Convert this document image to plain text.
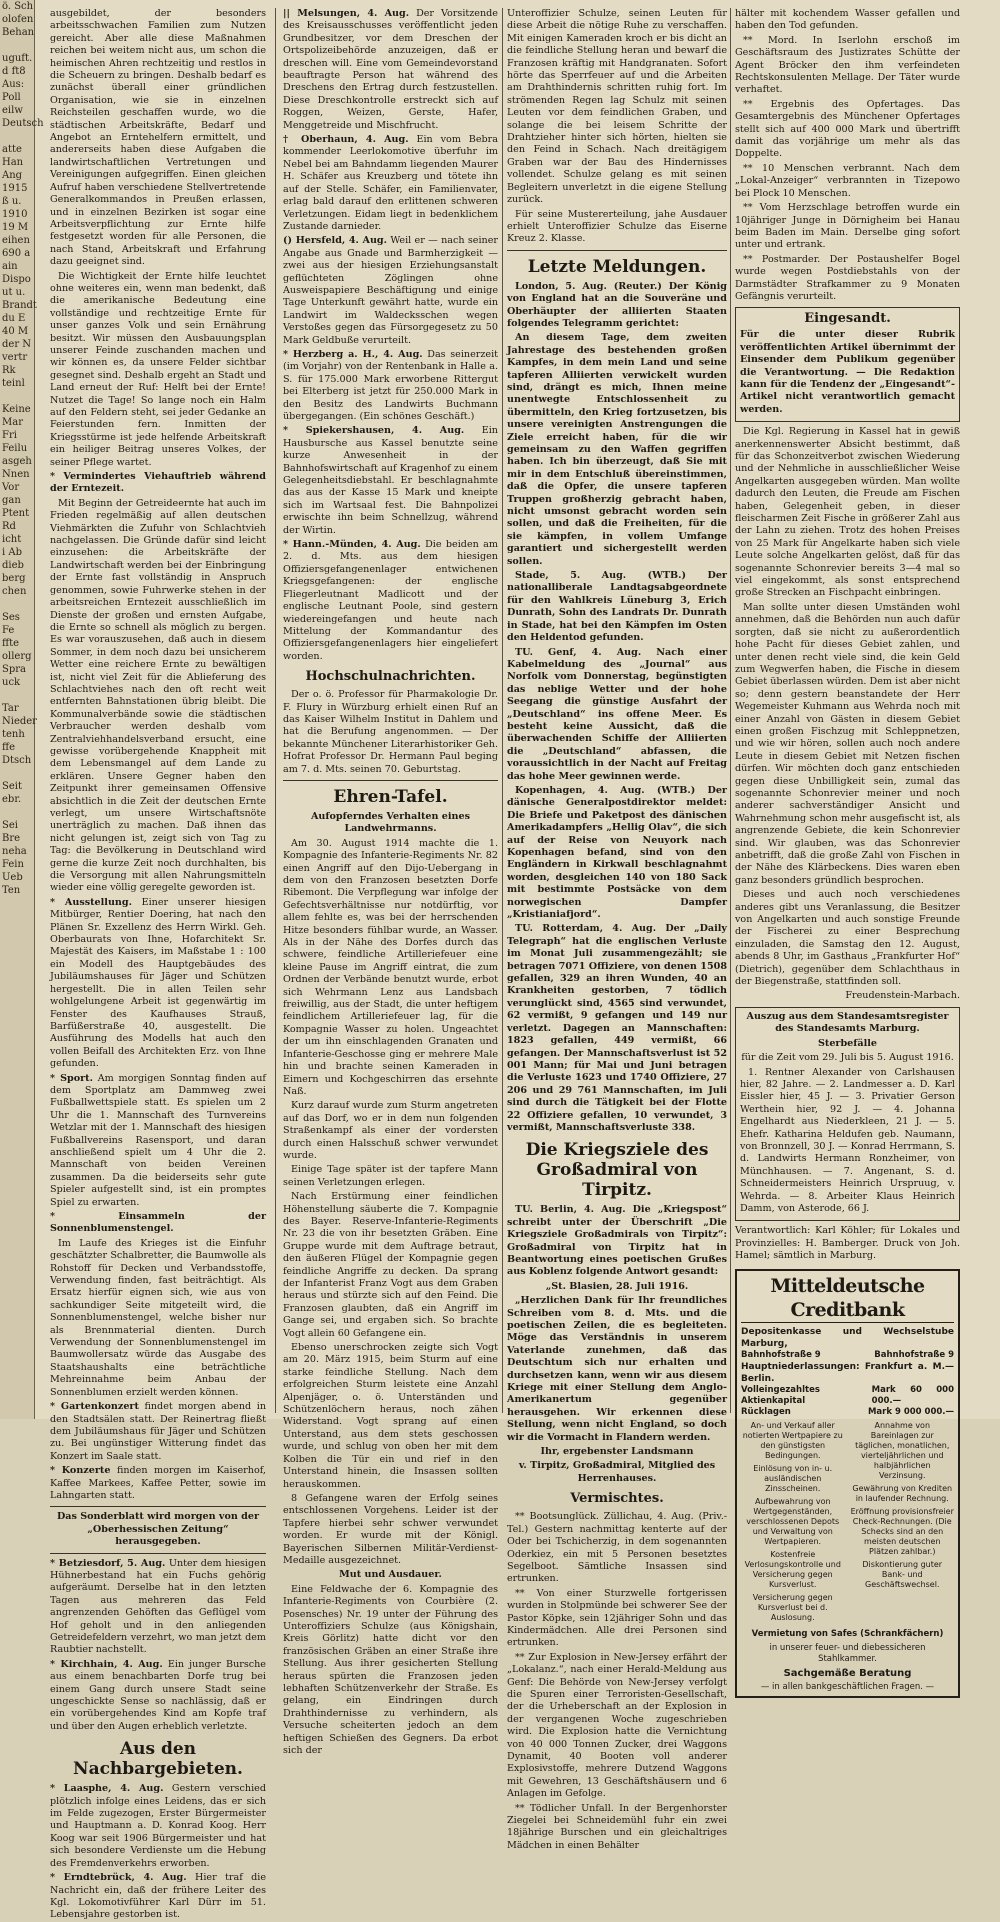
ö. Sch
olofen
Behan

uguft.
d ft8
Aus:
Poll
eilw
Deutsch

atte
Han
Ang
1915
ß u.
1910
19 M
eihen
690 a
ain
Dispo
ut u.
Brandt
du E
40 M
der N
vertr
Rk
teinl

Keine
Mar
Fri
Feilu
asgeh
Nnen
Vor
gan
Ptent
Rd
icht
i Ab
dieb
berg
chen

Ses
Fe
ffte
ollerg
Spra
uck

Tar
Nieder
tenh
ffe
Dtsch

Seit
ebr.

Sei
Bre
neha
Fein
Ueb
Ten

ausgebildet, der besonders arbeitsschwachen Familien zum Nutzen gereicht. Aber alle diese Maßnahmen reichen bei weitem nicht aus, um schon die heimischen Ahren rechtzeitig und restlos in die Scheuern zu bringen. Deshalb bedarf es zunächst überall einer gründlichen Organisation, wie sie in einzelnen Reichsteilen geschaffen wurde, wo die städtischen Arbeitskräfte, Bedarf und Angebot an Erntehelfern ermittelt, und andererseits haben diese Aufgaben die landwirtschaftlichen Vertretungen und Vereinigungen aufgegriffen. Einen gleichen Aufruf haben verschiedene Stellvertretende Generalkommandos in Preußen erlassen, und in einzelnen Bezirken ist sogar eine Arbeitsverpflichtung zur Ernte hilfe festgesetzt worden für alle Personen, die nach Stand, Arbeitskraft und Erfahrung dazu geeignet sind.

Die Wichtigkeit der Ernte hilfe leuchtet ohne weiteres ein, wenn man bedenkt, daß die amerikanische Bedeutung eine vollständige und rechtzeitige Ernte für unser ganzes Volk und sein Ernährung besitzt. Wir müssen den Ausbauungsplan unserer Feinde zuschanden machen und wir können es, da unsere Felder sichtbar gesegnet sind. Deshalb ergeht an Stadt und Land erneut der Ruf: Helft bei der Ernte! Nutzet die Tage! So lange noch ein Halm auf den Feldern steht, sei jeder Gedanke an Feierstunden fern. Inmitten der Kriegsstürme ist jede helfende Arbeitskraft ein heiliger Beitrag unseres Volkes, der seiner Pflege wartet.

* Vermindertes Viehauftrieb während der Erntezeit.

Mit Beginn der Getreideernte hat auch im Frieden regelmäßig auf allen deutschen Viehmärkten die Zufuhr von Schlachtvieh nachgelassen. Die Gründe dafür sind leicht einzusehen: die Arbeitskräfte der Landwirtschaft werden bei der Einbringung der Ernte fast vollständig in Anspruch genommen, sowie Fuhrwerke stehen in der arbeitsreichen Erntezeit ausschließlich im Dienste der großen und ernsten Aufgabe, die Ernte so schnell als möglich zu bergen. Es war vorauszusehen, daß auch in diesem Sommer, in dem noch dazu bei unsicherem Wetter eine reichere Ernte zu bewältigen ist, nicht viel Zeit für die Ablieferung des Schlachtviehes nach den oft recht weit entfernten Bahnstationen übrig bleibt. Die Kommunalverbände sowie die städtischen Verbraucher werden deshalb vom Zentralviehhandelsverband ersucht, eine gewisse vorübergehende Knappheit mit dem Lebensmangel auf dem Lande zu erklären. Unsere Gegner haben den Zeitpunkt ihrer gemeinsamen Offensive absichtlich in die Zeit der deutschen Ernte verlegt, um unsere Wirtschaftsnöte unerträglich zu machen. Daß ihnen das nicht gelungen ist, zeigt sich von Tag zu Tag: die Bevölkerung in Deutschland wird gerne die kurze Zeit noch durchhalten, bis die Versorgung mit allen Nahrungsmitteln wieder eine völlig geregelte geworden ist.

* Ausstellung. Einer unserer hiesigen Mitbürger, Rentier Doering, hat nach den Plänen Sr. Exzellenz des Herrn Wirkl. Geh. Oberbaurats von Ihne, Hofarchitekt Sr. Majestät des Kaisers, im Maßstabe 1 : 100 ein Modell des Hauptgebäudes des Jubiläumshauses für Jäger und Schützen hergestellt. Die in allen Teilen sehr wohlgelungene Arbeit ist gegenwärtig im Fenster des Kaufhauses Strauß, Barfüßerstraße 40, ausgestellt. Die Ausführung des Modells hat auch den vollen Beifall des Architekten Erz. von Ihne gefunden.

* Sport. Am morgigen Sonntag finden auf dem Sportplatz am Dammweg zwei Fußballwettspiele statt. Es spielen um 2 Uhr die 1. Mannschaft des Turnvereins Wetzlar mit der 1. Mannschaft des hiesigen Fußballvereins Rasensport, und daran anschließend spielt um 4 Uhr die 2. Mannschaft von beiden Vereinen zusammen. Da die beiderseits sehr gute Spieler aufgestellt sind, ist ein promptes Spiel zu erwarten.

* Einsammeln der Sonnenblumenstengel.

Im Laufe des Krieges ist die Einfuhr geschätzter Schalbretter, die Baumwolle als Rohstoff für Decken und Verbandsstoffe, Verwendung finden, fast beiträchtigt. Als Ersatz hierfür eignen sich, wie aus von sachkundiger Seite mitgeteilt wird, die Sonnenblumenstengel, welche bisher nur als Brennmaterial dienten. Durch Verwendung der Sonnenblumenstengel im Baumwollersatz würde das Ausgabe des Staatshaushalts eine beträchtliche Mehreinnahme beim Anbau der Sonnenblumen erzielt werden können.

* Gartenkonzert findet morgen abend in den Stadtsälen statt. Der Reinertrag fließt dem Jubiläumshaus für Jäger und Schützen zu. Bei ungünstiger Witterung findet das Konzert im Saale statt.

* Konzerte finden morgen im Kaiserhof, Kaffee Markees, Kaffee Petter, sowie im Lahngarten statt.

Das Sonderblatt wird morgen von der „Oberhessischen Zeitung“ herausgegeben.

* Betziesdorf, 5. Aug. Unter dem hiesigen Hühnerbestand hat ein Fuchs gehörig aufgeräumt. Derselbe hat in den letzten Tagen aus mehreren das Feld angrenzenden Gehöften das Geflügel vom Hof geholt und in den anliegenden Getreidefeldern verzehrt, wo man jetzt dem Raubtier nachstellt.

* Kirchhain, 4. Aug. Ein junger Bursche aus einem benachbarten Dorfe trug bei einem Gang durch unsere Stadt seine ungeschickte Sense so nachlässig, daß er ein vorübergehendes Kind am Kopfe traf und über den Augen erheblich verletzte.

Aus den Nachbargebieten.

* Laasphe, 4. Aug. Gestern verschied plötzlich infolge eines Leidens, das er sich im Felde zugezogen, Erster Bürgermeister und Hauptmann a. D. Konrad Koog. Herr Koog war seit 1906 Bürgermeister und hat sich besondere Verdienste um die Hebung des Fremdenverkehrs erworben.

* Erndtebrück, 4. Aug. Hier traf die Nachricht ein, daß der frühere Leiter des Kgl. Lokomotivführer Karl Dürr im 51. Lebensjahre gestorben ist.

|| Melsungen, 4. Aug. Der Vorsitzende des Kreisausschusses veröffentlicht jeden Grundbesitzer, vor dem Dreschen der Ortspolizeibehörde anzuzeigen, daß er dreschen will. Eine vom Gemeindevorstand beauftragte Person hat während des Dreschens den Ertrag durch festzustellen. Diese Dreschkontrolle erstreckt sich auf Roggen, Weizen, Gerste, Hafer, Menggetreide und Mischfrucht.

† Oberhaun, 4. Aug. Ein vom Bebra kommender Leerlokomotive überfuhr im Nebel bei am Bahndamm liegenden Maurer H. Schäfer aus Kreuzberg und tötete ihn auf der Stelle. Schäfer, ein Familienvater, erlag bald darauf den erlittenen schweren Verletzungen. Eidam liegt in bedenklichem Zustande darnieder.

() Hersfeld, 4. Aug. Weil er — nach seiner Angabe aus Gnade und Barmherzigkeit — zwei aus der hiesigen Erziehungsanstalt geflüchteten Zöglingen ohne Ausweispapiere Beschäftigung und einige Tage Unterkunft gewährt hatte, wurde ein Landwirt im Waldecksschen wegen Verstoßes gegen das Fürsorgegesetz zu 50 Mark Geldbuße verurteilt.

* Herzberg a. H., 4. Aug. Das seinerzeit (im Vorjahr) von der Rentenbank in Halle a. S. für 175.000 Mark erworbene Rittergut bei Elterberg ist jetzt für 250.000 Mark in den Besitz des Landwirts Buchmann übergegangen. (Ein schönes Geschäft.)

* Spiekershausen, 4. Aug. Ein Hausbursche aus Kassel benutzte seine kurze Anwesenheit in der Bahnhofswirtschaft auf Kragenhof zu einem Gelegenheitsdiebstahl. Er beschlagnahmte das aus der Kasse 15 Mark und kneipte sich im Wartsaal fest. Die Bahnpolizei erwischte ihn beim Schnellzug, während der Wirtin.

* Hann.-Münden, 4. Aug. Die beiden am 2. d. Mts. aus dem hiesigen Offiziersgefangenenlager entwichenen Kriegsgefangenen: der englische Fliegerleutnant Madlicott und der englische Leutnant Poole, sind gestern wiedereingefangen und heute nach Mittelung der Kommandantur des Offiziersgefangenenlagers hier eingeliefert worden.

Hochschulnachrichten.

Der o. ö. Professor für Pharmakologie Dr. F. Flury in Würzburg erhielt einen Ruf an das Kaiser Wilhelm Institut in Dahlem und hat die Berufung angenommen. — Der bekannte Münchener Literarhistoriker Geh. Hofrat Professor Dr. Hermann Paul beging am 7. d. Mts. seinen 70. Geburtstag.

Ehren-Tafel.

Aufopferndes Verhalten eines Landwehrmanns.

Am 30. August 1914 machte die 1. Kompagnie des Infanterie-Regiments Nr. 82 einen Angriff auf den Dijo-Uebergang in dem von den Franzosen besetzten Dorfe Ribemont. Die Verpflegung war infolge der Gefechtsverhältnisse nur notdürftig, vor allem fehlte es, was bei der herrschenden Hitze besonders fühlbar wurde, an Wasser. Als in der Nähe des Dorfes durch das schwere, feindliche Artilleriefeuer eine kleine Pause im Angriff eintrat, die zum Ordnen der Verbände benutzt wurde, erbot sich Wehrmann Lenz aus Landsbach freiwillig, aus der Stadt, die unter heftigem feindlichem Artilleriefeuer lag, für die Kompagnie Wasser zu holen. Ungeachtet der um ihn einschlagenden Granaten und Infanterie-Geschosse ging er mehrere Male hin und brachte seinen Kameraden in Eimern und Kochgeschirren das ersehnte Naß.

Kurz darauf wurde zum Sturm angetreten auf das Dorf, wo er in dem nun folgenden Straßenkampf als einer der vordersten durch einen Halsschuß schwer verwundet wurde.

Einige Tage später ist der tapfere Mann seinen Verletzungen erlegen.

Nach Erstürmung einer feindlichen Höhenstellung säuberte die 7. Kompagnie des Bayer. Reserve-Infanterie-Regiments Nr. 23 die von ihr besetzten Gräben. Eine Gruppe wurde mit dem Auftrage betraut, den äußeren Flügel der Kompagnie gegen feindliche Angriffe zu decken. Da sprang der Infanterist Franz Vogt aus dem Graben heraus und stürzte sich auf den Feind. Die Franzosen glaubten, daß ein Angriff im Gange sei, und ergaben sich. So brachte Vogt allein 60 Gefangene ein.

Ebenso unerschrocken zeigte sich Vogt am 20. März 1915, beim Sturm auf eine starke feindliche Stellung. Nach dem erfolgreichen Sturm leistete eine Anzahl Alpenjäger, o. ö. Unterständen und Schützenlöchern heraus, noch zähen Widerstand. Vogt sprang auf einen Unterstand, aus dem stets geschossen wurde, und schlug von oben her mit dem Kolben die Tür ein und rief in den Unterstand hinein, die Insassen sollten herauskommen.

8 Gefangene waren der Erfolg seines entschlossenen Vorgehens. Leider ist der Tapfere hierbei sehr schwer verwundet worden. Er wurde mit der Königl. Bayerischen Silbernen Militär-Verdienst-Medaille ausgezeichnet.

Mut und Ausdauer.

Eine Feldwache der 6. Kompagnie des Infanterie-Regiments von Courbière (2. Posensches) Nr. 19 unter der Führung des Unteroffiziers Schulze (aus Königshain, Kreis Görlitz) hatte dicht vor den französischen Gräben an einer Straße ihre Stellung. Aus ihrer gesicherten Stellung heraus spürten die Franzosen jeden lebhaften Schützenverkehr der Straße. Es gelang, ein Eindringen durch Drahthindernisse zu verhindern, als Versuche scheiterten jedoch an dem heftigen Schießen des Gegners. Da erbot sich der

Unteroffizier Schulze, seinen Leuten für diese Arbeit die nötige Ruhe zu verschaffen. Mit einigen Kameraden kroch er bis dicht an die feindliche Stellung heran und bewarf die Franzosen kräftig mit Handgranaten. Sofort hörte das Sperrfeuer auf und die Arbeiten am Drahthindernis schritten ruhig fort. Im strömenden Regen lag Schulz mit seinen Leuten vor dem feindlichen Graben, und solange die bei leisem Schritte der Drahtzieher hinter sich hörten, hielten sie den Feind in Schach. Nach dreitägigem Graben war der Bau des Hindernisses vollendet. Schulze gelang es mit seinen Begleitern unverletzt in die eigene Stellung zurück.

Für seine Mustererteilung, jahe Ausdauer erhielt Unteroffizier Schulze das Eiserne Kreuz 2. Klasse.

Letzte Meldungen.

London, 5. Aug. (Reuter.) Der König von England hat an die Souveräne und Oberhäupter der alliierten Staaten folgendes Telegramm gerichtet:

An diesem Tage, dem zweiten Jahrestage des bestehenden großen Kampfes, in dem mein Land und seine tapferen Alliierten verwickelt wurden sind, drängt es mich, Ihnen meine unentwegte Entschlossenheit zu übermitteln, den Krieg fortzusetzen, bis unsere vereinigten Anstrengungen die Ziele erreicht haben, für die wir gemeinsam zu den Waffen gegriffen haben. Ich bin überzeugt, daß Sie mit mir in dem Entschluß übereinstimmen, daß die Opfer, die unsere tapferen Truppen großherzig gebracht haben, nicht umsonst gebracht worden sein sollen, und daß die Freiheiten, für die sie kämpfen, in vollem Umfange garantiert und sichergestellt werden sollen.

Stade, 5. Aug. (WTB.) Der nationalliberale Landtagsabgeordnete für den Wahlkreis Lüneburg 3, Erich Dunrath, Sohn des Landrats Dr. Dunrath in Stade, hat bei den Kämpfen im Osten den Heldentod gefunden.

TU. Genf, 4. Aug. Nach einer Kabelmeldung des „Journal“ aus Norfolk vom Donnerstag, begünstigten das neblige Wetter und der hohe Seegang die günstige Ausfahrt der „Deutschland“ ins offene Meer. Es besteht keine Aussicht, daß die überwachenden Schiffe der Alliierten die „Deutschland“ abfassen, die voraussichtlich in der Nacht auf Freitag das hohe Meer gewinnen werde.

Kopenhagen, 4. Aug. (WTB.) Der dänische Generalpostdirektor meldet: Die Briefe und Paketpost des dänischen Amerikadampfers „Hellig Olav“, die sich auf der Reise von Neuyork nach Kopenhagen befand, sind von den Engländern in Kirkwall beschlagnahmt worden, desgleichen 140 von 180 Sack mit bestimmte Postsäcke von dem norwegischen Dampfer „Kristianiafjord“.

TU. Rotterdam, 4. Aug. Der „Daily Telegraph“ hat die englischen Verluste im Monat Juli zusammengezählt; sie betragen 7071 Offiziere, von denen 1508 gefallen, 329 an ihren Wunden, 40 an Krankheiten gestorben, 7 tödlich verunglückt sind, 4565 sind verwundet, 62 vermißt, 9 gefangen und 149 nur verletzt. Dagegen an Mannschaften: 1823 gefallen, 449 vermißt, 66 gefangen. Der Mannschaftsverlust ist 52 001 Mann; für Mai und Juni betragen die Verluste 1623 und 1740 Offiziere, 27 206 und 29 761 Mannschaften, im Juli sind durch die Tätigkeit bei der Flotte 22 Offiziere gefallen, 10 verwundet, 3 vermißt, Mannschaftsverluste 338.

Die Kriegsziele des Großadmiral von Tirpitz.

TU. Berlin, 4. Aug. Die „Kriegspost“ schreibt unter der Überschrift „Die Kriegsziele Großadmirals von Tirpitz“: Großadmiral von Tirpitz hat in Beantwortung eines poetischen Grußes aus Koblenz folgende Antwort gesandt:

„St. Blasien, 28. Juli 1916.

„Herzlichen Dank für Ihr freundliches Schreiben vom 8. d. Mts. und die poetischen Zeilen, die es begleiteten. Möge das Verständnis in unserem Vaterlande zunehmen, daß das Deutschtum sich nur erhalten und durchsetzen kann, wenn wir aus diesem Kriege mit einer Stellung dem Anglo-Amerikanertum gegenüber herausgehen. Wir erkennen diese Stellung, wenn nicht England, so doch wir die Vormacht in Flandern werden.

Ihr, ergebenster Landsmann

v. Tirpitz, Großadmiral, Mitglied des Herrenhauses.

Vermischtes.

** Bootsunglück. Züllichau, 4. Aug. (Priv.-Tel.) Gestern nachmittag kenterte auf der Oder bei Tschicherzig, in dem sogenannten Oderkiez, ein mit 5 Personen besetztes Segelboot. Sämtliche Insassen sind ertrunken.

** Von einer Sturzwelle fortgerissen wurden in Stolpmünde bei schwerer See der Pastor Köpke, sein 12jähriger Sohn und das Kindermädchen. Alle drei Personen sind ertrunken.

** Zur Explosion in New-Jersey erfährt der „Lokalanz.“, nach einer Herald-Meldung aus Genf: Die Behörde von New-Jersey verfolgt die Spuren einer Terroristen-Gesellschaft, der die Urheberschaft an der Explosion in der vergangenen Woche zugeschrieben wird. Die Explosion hatte die Vernichtung von 40 000 Tonnen Zucker, drei Waggons Dynamit, 40 Booten voll anderer Explosivstoffe, mehrere Dutzend Waggons mit Gewehren, 13 Geschäftshäusern und 6 Anlagen im Gefolge.

** Tödlicher Unfall. In der Bergenhorster Ziegelei bei Schneidemühl fuhr ein zwei 18jährige Burschen und ein gleichaltriges Mädchen in einen Behälter

hälter mit kochendem Wasser gefallen und haben den Tod gefunden.

** Mord. In Iserlohn erschoß im Geschäftsraum des Justizrates Schütte der Agent Bröcker den ihm verfeindeten Rechtskonsulenten Mellage. Der Täter wurde verhaftet.

** Ergebnis des Opfertages. Das Gesamtergebnis des Münchener Opfertages stellt sich auf 400 000 Mark und übertrifft damit das vorjährige um mehr als das Doppelte.

** 10 Menschen verbrannt. Nach dem „Lokal-Anzeiger“ verbrannten in Tizepowo bei Plock 10 Menschen.

** Vom Herzschlage betroffen wurde ein 10jähriger Junge in Dörnigheim bei Hanau beim Baden im Main. Derselbe ging sofort unter und ertrank.

** Postmarder. Der Postaushelfer Bogel wurde wegen Postdiebstahls von der Darmstädter Strafkammer zu 9 Monaten Gefängnis verurteilt.

Eingesandt.

Für die unter dieser Rubrik veröffentlichten Artikel übernimmt der Einsender dem Publikum gegenüber die Verantwortung. — Die Redaktion kann für die Tendenz der „Eingesandt“-Artikel nicht verantwortlich gemacht werden.

Die Kgl. Regierung in Kassel hat in gewiß anerkennenswerter Absicht bestimmt, daß für das Schonzeitverbot zwischen Wiederung und der Nehmliche in ausschließlicher Weise Angelkarten ausgegeben würden. Man wollte dadurch den Leuten, die Freude am Fischen haben, Gelegenheit geben, in dieser fleischarmen Zeit Fische in größerer Zahl aus der Lahn zu ziehen. Trotz des hohen Preises von 25 Mark für Angelkarte haben sich viele Leute solche Angelkarten gelöst, daß für das sogenannte Schonrevier bereits 3—4 mal so viel eingekommt, als sonst entsprechend große Strecken an Fischpacht einbringen.

Man sollte unter diesen Umständen wohl annehmen, daß die Behörden nun auch dafür sorgten, daß sie nicht zu außerordentlich hohe Pacht für dieses Gebiet zahlen, und unter denen recht viele sind, die kein Geld zum Wegwerfen haben, die Fische in diesem Gebiet überlassen würden. Dem ist aber nicht so; denn gestern beanstandete der Herr Wegemeister Kuhmann aus Wehrda noch mit einer Anzahl von Gästen in diesem Gebiet einen großen Fischzug mit Schleppnetzen, und wie wir hören, sollen auch noch andere Leute in diesem Gebiet mit Netzen fischen dürfen. Wir möchten doch ganz entschieden gegen diese Unbilligkeit sein, zumal das sogenannte Schonrevier meiner und noch anderer sachverständiger Ansicht und Wahrnehmung schon mehr ausgefischt ist, als angrenzende Gebiete, die kein Schonrevier sind. Wir glauben, was das Schonrevier anbetrifft, daß die große Zahl von Fischen in der Nähe des Klärbeckens. Dies waren eben ganz besonders gründlich besprochen.

Dieses und auch noch verschiedenes anderes gibt uns Veranlassung, die Besitzer von Angelkarten und auch sonstige Freunde der Fischerei zu einer Besprechung einzuladen, die Samstag den 12. August, abends 8 Uhr, im Gasthaus „Frankfurter Hof“ (Dietrich), gegenüber dem Schlachthaus in der Biegenstraße, stattfinden soll.

Freudenstein-Marbach.

Auszug aus dem Standesamtsregister des Standesamts Marburg.

Sterbefälle

für die Zeit vom 29. Juli bis 5. August 1916.

1. Rentner Alexander von Carlshausen hier, 82 Jahre. — 2. Landmesser a. D. Karl Eissler hier, 45 J. — 3. Privatier Gerson Werthein hier, 92 J. — 4. Johanna Engelhardt aus Niederkleen, 21 J. — 5. Ehefr. Katharina Heldufen geb. Naumann, von Bronnzell, 30 J. — Konrad Herrmann, S. d. Landwirts Hermann Ronzheimer, von Münchhausen. — 7. Angenant, S. d. Schneidermeisters Heinrich Urspruug, v. Wehrda. — 8. Arbeiter Klaus Heinrich Damm, von Asterode, 66 J.

Verantwortlich: Karl Köhler; für Lokales und Provinzielles: H. Bamberger. Druck von Joh. Hamel; sämtlich in Marburg.

Mitteldeutsche Creditbank
Depositenkasse und Wechselstube Marburg,
Bahnhofstraße 9	Bahnhofstraße 9
Hauptniederlassungen: Frankfurt a. M.—Berlin.
Volleingezahltes Aktienkapital
Mark 60 000 000.—
Rücklagen	Mark 9 000 000.—

An- und Verkauf aller notierten Wertpapiere zu den günstigsten Bedingungen.

Einlösung von in- u. ausländischen Zinsscheinen.

Aufbewahrung von Wertgegenständen, verschlossenen Depots und Verwaltung von Wertpapieren.

Kostenfreie Verlosungskontrolle und Versicherung gegen Kursverlust.

Versicherung gegen Kursverlust bei d. Auslosung.

Annahme von Bareinlagen zur täglichen, monatlichen, vierteljährlichen und halbjährlichen Verzinsung.

Gewährung von Krediten in laufender Rechnung.

Eröffnung provisionsfreier Check-Rechnungen. (Die Schecks sind an den meisten deutschen Plätzen zahlbar.)

Diskontierung guter Bank- und Geschäftswechsel.

Vermietung von Safes (Schrankfächern)
in unserer feuer- und diebessicheren Stahlkammer.
Sachgemäße Beratung
— in allen bankgeschäftlichen Fragen. —
